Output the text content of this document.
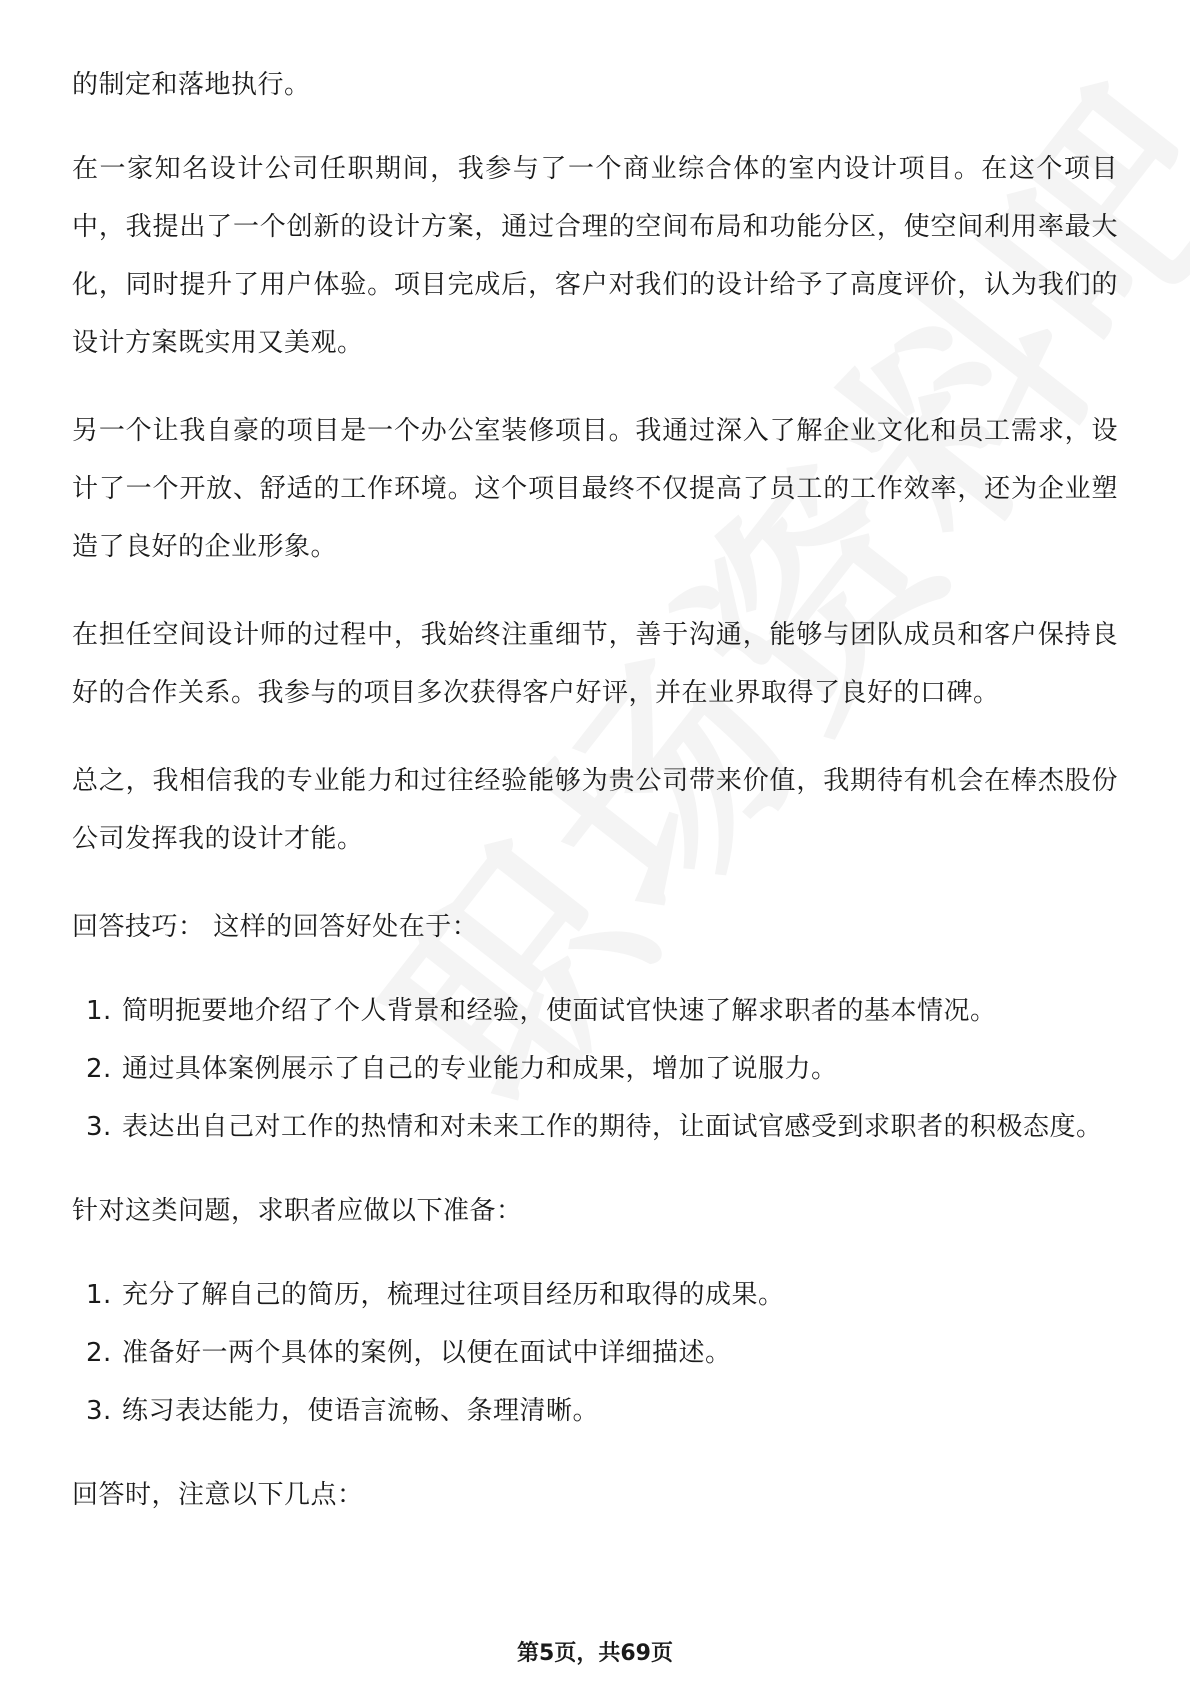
的制定和落地执行。

在一家知名设计公司任职期间，我参与了一个商业综合体的室内设计项目。在这个项目中，我提出了一个创新的设计方案，通过合理的空间布局和功能分区，使空间利用率最大化，同时提升了用户体验。项目完成后，客户对我们的设计给予了高度评价，认为我们的设计方案既实用又美观。

另一个让我自豪的项目是一个办公室装修项目。我通过深入了解企业文化和员工需求，设计了一个开放、舒适的工作环境。这个项目最终不仅提高了员工的工作效率，还为企业塑造了良好的企业形象。

在担任空间设计师的过程中，我始终注重细节，善于沟通，能够与团队成员和客户保持良好的合作关系。我参与的项目多次获得客户好评，并在业界取得了良好的口碑。

总之，我相信我的专业能力和过往经验能够为贵公司带来价值，我期待有机会在棒杰股份公司发挥我的设计才能。

回答技巧： 这样的回答好处在于：

1. 简明扼要地介绍了个人背景和经验，使面试官快速了解求职者的基本情况。
2. 通过具体案例展示了自己的专业能力和成果，增加了说服力。
3. 表达出自己对工作的热情和对未来工作的期待，让面试官感受到求职者的积极态度。

针对这类问题，求职者应做以下准备：

1. 充分了解自己的简历，梳理过往项目经历和取得的成果。
2. 准备好一两个具体的案例，以便在面试中详细描述。
3. 练习表达能力，使语言流畅、条理清晰。

回答时，注意以下几点：

第5页，共69页
